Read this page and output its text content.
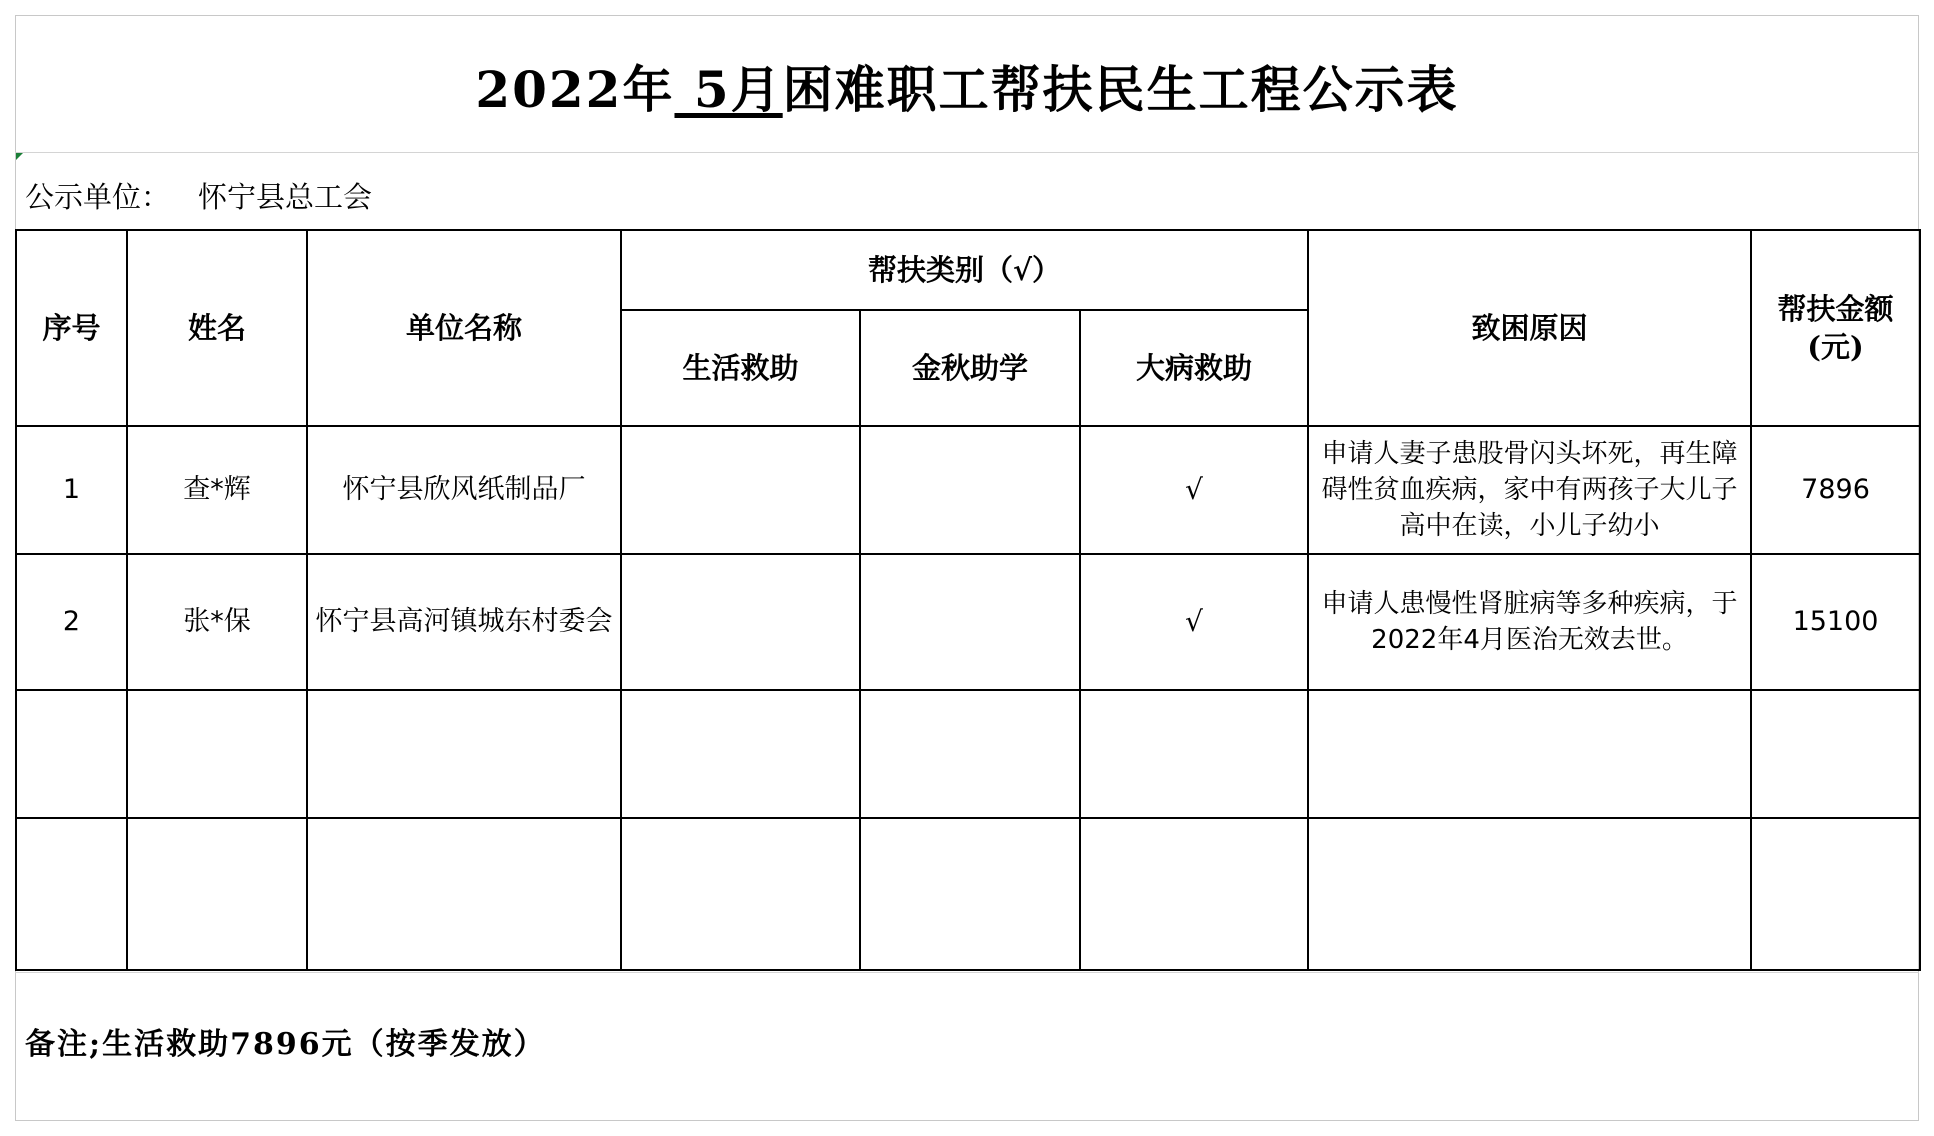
2022年 5月困难职工帮扶民生工程公示表
公示单位： 怀宁县总工会
序号	姓名	单位名称	帮扶类别（√）			致困原因	帮扶金额
(元)

			生活救助	金秋助学	大病救助		
1	查*辉	怀宁县欣风纸制品厂			√	申请人妻子患股骨闪头坏死，再生障碍性贫血疾病，家中有两孩子大儿子高中在读，小儿子幼小	7896
2	张*保	怀宁县高河镇城东村委会			√	申请人患慢性肾脏病等多种疾病，于2022年4月医治无效去世。	15100

备注;生活救助7896元（按季发放）
